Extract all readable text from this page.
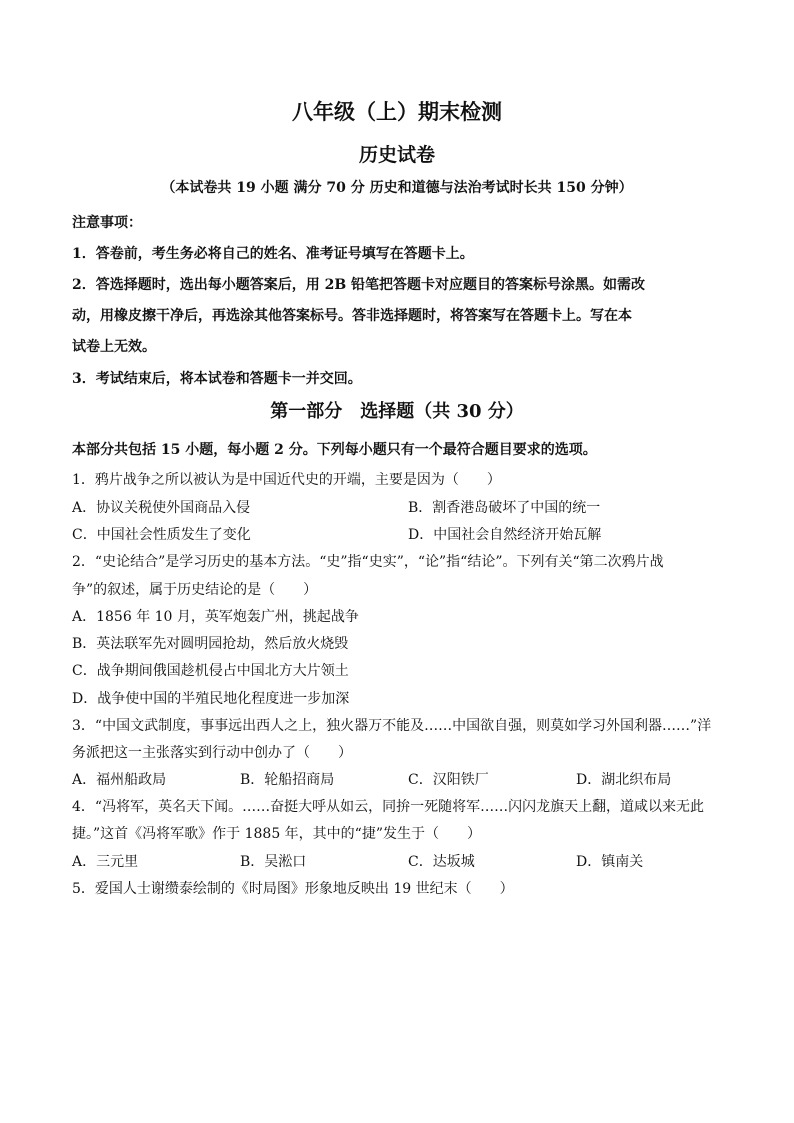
八年级（上）期末检测
历史试卷
（本试卷共 19 小题 满分 70 分 历史和道德与法治考试时长共 150 分钟）
注意事项：
1．答卷前，考生务必将自己的姓名、准考证号填写在答题卡上。
2．答选择题时，选出每小题答案后，用 2B 铅笔把答题卡对应题目的答案标号涂黑。如需改
动，用橡皮擦干净后，再选涂其他答案标号。答非选择题时，将答案写在答题卡上。写在本
试卷上无效。
3．考试结束后，将本试卷和答题卡一并交回。
第一部分　选择题（共 30 分）
本部分共包括 15 小题，每小题 2 分。下列每小题只有一个最符合题目要求的选项。
1．鸦片战争之所以被认为是中国近代史的开端，主要是因为（　　）
A．协议关税使外国商品入侵	B．割香港岛破坏了中国的统一
C．中国社会性质发生了变化	D．中国社会自然经济开始瓦解
2．“史论结合”是学习历史的基本方法。“史”指“史实”，“论”指“结论”。下列有关“第二次鸦片战
争”的叙述，属于历史结论的是（　　）
A．1856 年 10 月，英军炮轰广州，挑起战争
B．英法联军先对圆明园抢劫，然后放火烧毁
C．战争期间俄国趁机侵占中国北方大片领土
D．战争使中国的半殖民地化程度进一步加深
3．“中国文武制度，事事远出西人之上，独火器万不能及……中国欲自强，则莫如学习外国利器……”洋
务派把这一主张落实到行动中创办了（　　）
A．福州船政局	B．轮船招商局	C．汉阳铁厂	D．湖北织布局
4．“冯将军，英名天下闻。……奋挺大呼从如云，同拚一死随将军……闪闪龙旗天上翻，道咸以来无此
捷。”这首《冯将军歌》作于 1885 年，其中的“捷”发生于（　　）
A．三元里	B．吴淞口	C．达坂城	D．镇南关
5．爱国人士谢缵泰绘制的《时局图》形象地反映出 19 世纪末（　　）
